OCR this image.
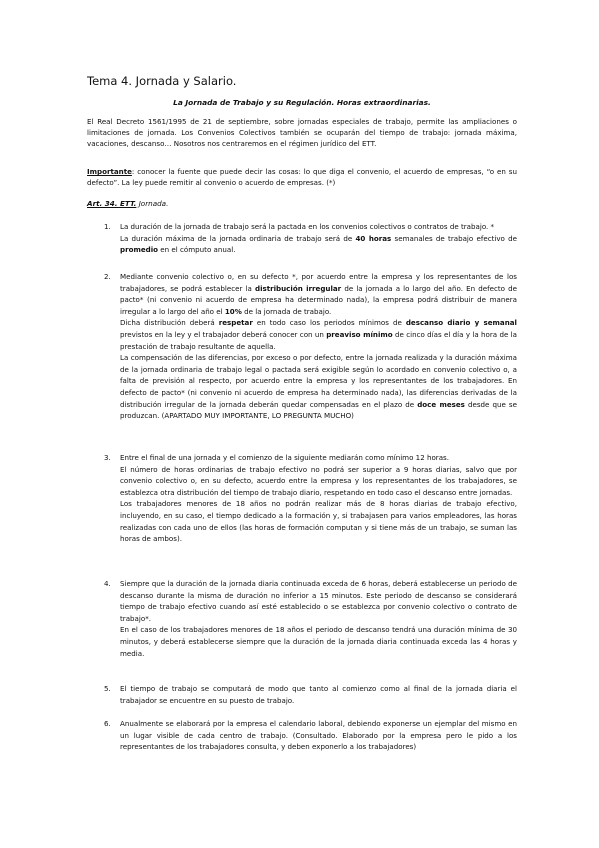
Tema 4. Jornada y Salario.
La Jornada de Trabajo y su Regulación. Horas extraordinarias.
El Real Decreto 1561/1995 de 21 de septiembre, sobre jornadas especiales de trabajo, permite las ampliaciones o limitaciones de jornada. Los Convenios Colectivos también se ocuparán del tiempo de trabajo: jornada máxima, vacaciones, descanso… Nosotros nos centraremos en el régimen jurídico del ETT.
Importante: conocer la fuente que puede decir las cosas: lo que diga el convenio, el acuerdo de empresas, “o en su defecto”. La ley puede remitir al convenio o acuerdo de empresas. (*)
Art. 34. ETT. Jornada.
1. La duración de la jornada de trabajo será la pactada en los convenios colectivos o contratos de trabajo. *

La duración máxima de la jornada ordinaria de trabajo será de 40 horas semanales de trabajo efectivo de promedio en el cómputo anual.

2. Mediante convenio colectivo o, en su defecto *, por acuerdo entre la empresa y los representantes de los trabajadores, se podrá establecer la distribución irregular de la jornada a lo largo del año. En defecto de pacto* (ni convenio ni acuerdo de empresa ha determinado nada), la empresa podrá distribuir de manera irregular a lo largo del año el 10% de la jornada de trabajo.

Dicha distribución deberá respetar en todo caso los periodos mínimos de descanso diario y semanal previstos en la ley y el trabajador deberá conocer con un preaviso mínimo de cinco días el día y la hora de la prestación de trabajo resultante de aquella.

La compensación de las diferencias, por exceso o por defecto, entre la jornada realizada y la duración máxima de la jornada ordinaria de trabajo legal o pactada será exigible según lo acordado en convenio colectivo o, a falta de previsión al respecto, por acuerdo entre la empresa y los representantes de los trabajadores. En defecto de pacto* (ni convenio ni acuerdo de empresa ha determinado nada), las diferencias derivadas de la distribución irregular de la jornada deberán quedar compensadas en el plazo de doce meses desde que se produzcan. (APARTADO MUY IMPORTANTE, LO PREGUNTA MUCHO)

3. Entre el final de una jornada y el comienzo de la siguiente mediarán como mínimo 12 horas.

El número de horas ordinarias de trabajo efectivo no podrá ser superior a 9 horas diarias, salvo que por convenio colectivo o, en su defecto, acuerdo entre la empresa y los representantes de los trabajadores, se establezca otra distribución del tiempo de trabajo diario, respetando en todo caso el descanso entre jornadas.

Los trabajadores menores de 18 años no podrán realizar más de 8 horas diarias de trabajo efectivo, incluyendo, en su caso, el tiempo dedicado a la formación y, si trabajasen para varios empleadores, las horas realizadas con cada uno de ellos (las horas de formación computan y si tiene más de un trabajo, se suman las horas de ambos).

4. Siempre que la duración de la jornada diaria continuada exceda de 6 horas, deberá establecerse un periodo de descanso durante la misma de duración no inferior a 15 minutos. Este periodo de descanso se considerará tiempo de trabajo efectivo cuando así esté establecido o se establezca por convenio colectivo o contrato de trabajo*.

En el caso de los trabajadores menores de 18 años el periodo de descanso tendrá una duración mínima de 30 minutos, y deberá establecerse siempre que la duración de la jornada diaria continuada exceda las 4 horas y media.

5. El tiempo de trabajo se computará de modo que tanto al comienzo como al final de la jornada diaria el trabajador se encuentre en su puesto de trabajo.

6. Anualmente se elaborará por la empresa el calendario laboral, debiendo exponerse un ejemplar del mismo en un lugar visible de cada centro de trabajo. (Consultado. Elaborado por la empresa pero le pido a los representantes de los trabajadores consulta, y deben exponerlo a los trabajadores)
